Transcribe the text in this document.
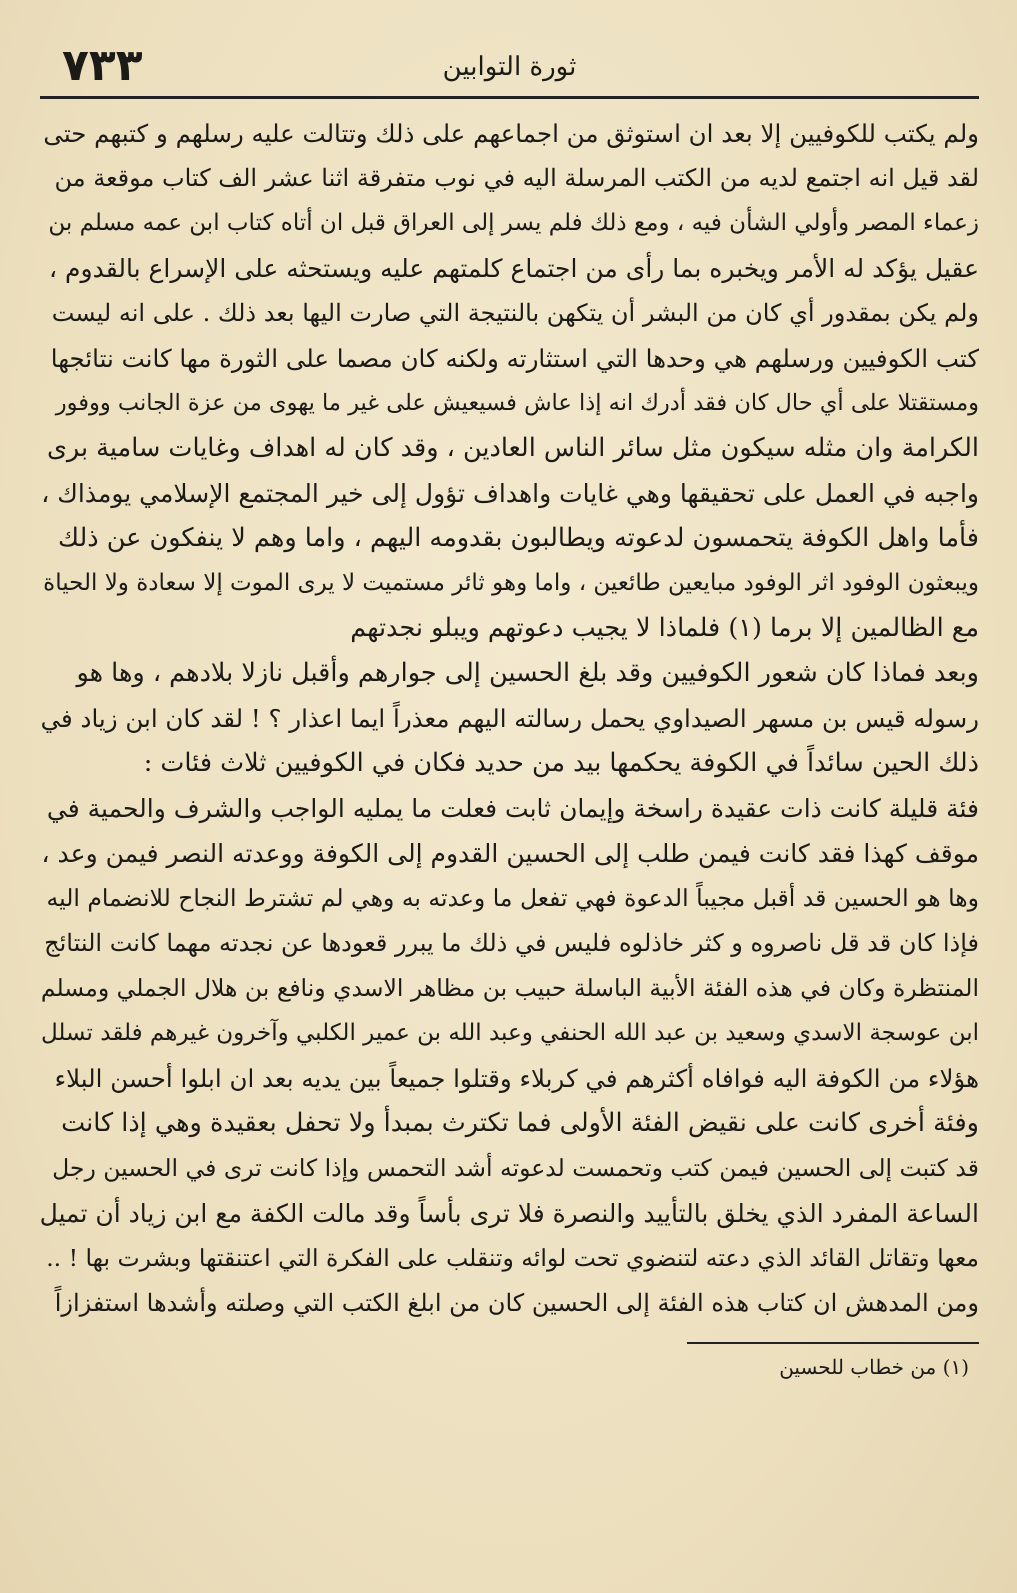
٧٣٣	ثورة التوابين
ولم يكتب للكوفيين إلا بعد ان استوثق من اجماعهم على ذلك وتتالت عليه رسلهم و كتبهم حتى
لقد قيل انه اجتمع لديه من الكتب المرسلة اليه في نوب متفرقة اثنا عشر الف كتاب موقعة من
زعماء المصر وأولي الشأن فيه ، ومع ذلك فلم يسر إلى العراق قبل ان أتاه كتاب ابن عمه مسلم بن
عقيل يؤكد له الأمر ويخبره بما رأى من اجتماع كلمتهم عليه ويستحثه على الإسراع بالقدوم ،
ولم يكن بمقدور أي كان من البشر أن يتكهن بالنتيجة التي صارت اليها بعد ذلك . على انه ليست
كتب الكوفيين ورسلهم هي وحدها التي استثارته ولكنه كان مصما على الثورة مها كانت نتائجها
ومستقتلا على أي حال كان فقد أدرك انه إذا عاش فسيعيش على غير ما يهوى من عزة الجانب ووفور
الكرامة وان مثله سيكون مثل سائر الناس العادين ، وقد كان له اهداف وغايات سامية برى
واجبه في العمل على تحقيقها وهي غايات واهداف تؤول إلى خير المجتمع الإسلامي يومذاك ،
فأما واهل الكوفة يتحمسون لدعوته ويطالبون بقدومه اليهم ، واما وهم لا ينفكون عن ذلك
ويبعثون الوفود اثر الوفود مبايعين طائعين ، واما وهو ثائر مستميت لا يرى الموت إلا سعادة ولا الحياة
مع الظالمين إلا برما (١) فلماذا لا يجيب دعوتهم ويبلو نجدتهم
وبعد فماذا كان شعور الكوفيين وقد بلغ الحسين إلى جوارهم وأقبل نازلا بلادهم ، وها هو
رسوله قيس بن مسهر الصيداوي يحمل رسالته اليهم معذراً ايما اعذار ؟ ! لقد كان ابن زياد في
ذلك الحين سائداً في الكوفة يحكمها بيد من حديد فكان في الكوفيين ثلاث فئات :
فئة قليلة كانت ذات عقيدة راسخة وإيمان ثابت فعلت ما يمليه الواجب والشرف والحمية في
موقف كهذا فقد كانت فيمن طلب إلى الحسين القدوم إلى الكوفة ووعدته النصر فيمن وعد ،
وها هو الحسين قد أقبل مجيباً الدعوة فهي تفعل ما وعدته به وهي لم تشترط النجاح للانضمام اليه
فإذا كان قد قل ناصروه و كثر خاذلوه فليس في ذلك ما يبرر قعودها عن نجدته مهما كانت النتائج
المنتظرة وكان في هذه الفئة الأبية الباسلة حبيب بن مظاهر الاسدي ونافع بن هلال الجملي ومسلم
ابن عوسجة الاسدي وسعيد بن عبد الله الحنفي وعبد الله بن عمير الكلبي وآخرون غيرهم فلقد تسلل
هؤلاء من الكوفة اليه فوافاه أكثرهم في كربلاء وقتلوا جميعاً بين يديه بعد ان ابلوا أحسن البلاء
وفئة أخرى كانت على نقيض الفئة الأولى فما تكترث بمبدأ ولا تحفل بعقيدة وهي إذا كانت
قد كتبت إلى الحسين فيمن كتب وتحمست لدعوته أشد التحمس وإذا كانت ترى في الحسين رجل
الساعة المفرد الذي يخلق بالتأييد والنصرة فلا ترى بأساً وقد مالت الكفة مع ابن زياد أن تميل
معها وتقاتل القائد الذي دعته لتنضوي تحت لوائه وتنقلب على الفكرة التي اعتنقتها وبشرت بها ! ..
ومن المدهش ان كتاب هذه الفئة إلى الحسين كان من ابلغ الكتب التي وصلته وأشدها استفزازاً
(١) من خطاب للحسين
